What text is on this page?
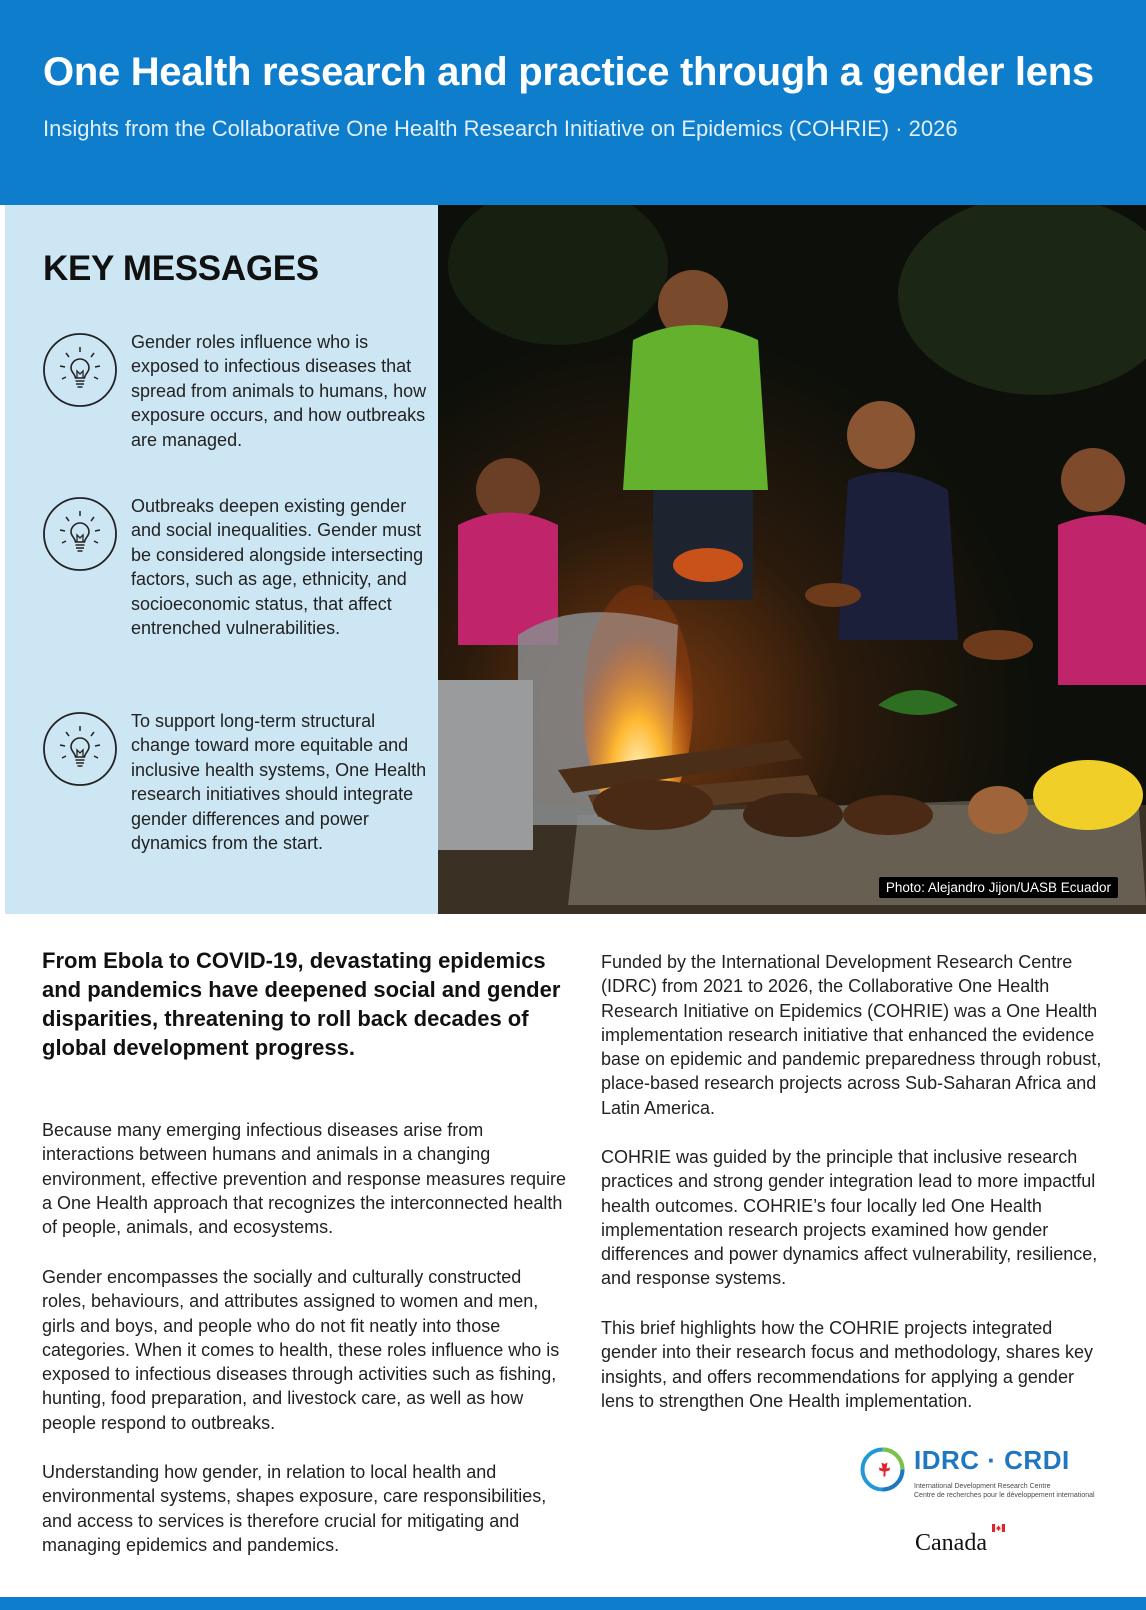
One Health research and practice through a gender lens
Insights from the Collaborative One Health Research Initiative on Epidemics (COHRIE) · 2026
KEY MESSAGES
Gender roles influence who is exposed to infectious diseases that spread from animals to humans, how exposure occurs, and how outbreaks are managed.
Outbreaks deepen existing gender and social inequalities. Gender must be considered alongside intersecting factors, such as age, ethnicity, and socioeconomic status, that affect entrenched vulnerabilities.
To support long-term structural change toward more equitable and inclusive health systems, One Health research initiatives should integrate gender differences and power dynamics from the start.
Photo: Alejandro Jijon/UASB Ecuador
From Ebola to COVID-19, devastating epidemics and pandemics have deepened social and gender disparities, threatening to roll back decades of global development progress.
Because many emerging infectious diseases arise from interactions between humans and animals in a changing environment, effective prevention and response measures require a One Health approach that recognizes the interconnected health of people, animals, and ecosystems.
Gender encompasses the socially and culturally constructed roles, behaviours, and attributes assigned to women and men, girls and boys, and people who do not fit neatly into those categories. When it comes to health, these roles influence who is exposed to infectious diseases through activities such as fishing, hunting, food preparation, and livestock care, as well as how people respond to outbreaks.
Understanding how gender, in relation to local health and environmental systems, shapes exposure, care responsibilities, and access to services is therefore crucial for mitigating and managing epidemics and pandemics.
Funded by the International Development Research Centre (IDRC) from 2021 to 2026, the Collaborative One Health Research Initiative on Epidemics (COHRIE) was a One Health implementation research initiative that enhanced the evidence base on epidemic and pandemic preparedness through robust, place-based research projects across Sub-Saharan Africa and Latin America.
COHRIE was guided by the principle that inclusive research practices and strong gender integration lead to more impactful health outcomes. COHRIE’s four locally led One Health implementation research projects examined how gender differences and power dynamics affect vulnerability, resilience, and response systems.
This brief highlights how the COHRIE projects integrated gender into their research focus and methodology, shares key insights, and offers recommendations for applying a gender lens to strengthen One Health implementation.
IDRC · CRDI
International Development Research Centre
Centre de recherches pour le développement international
Canada
